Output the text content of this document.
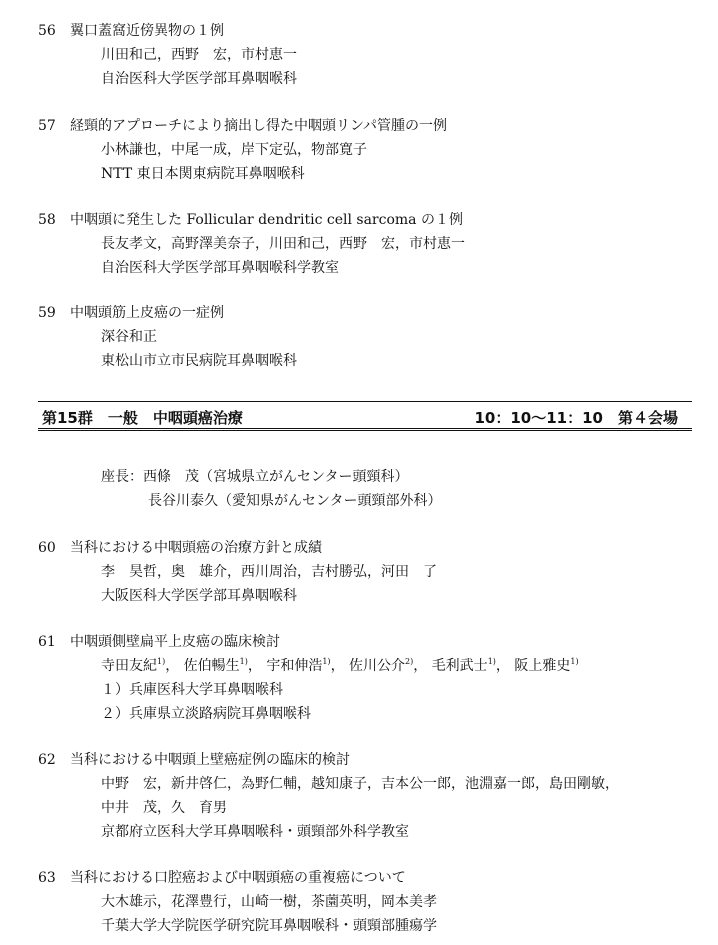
56	翼口蓋窩近傍異物の１例
川田和己，西野　宏，市村恵一
自治医科大学医学部耳鼻咽喉科
57	経頸的アプローチにより摘出し得た中咽頭リンパ管腫の一例
小林謙也，中尾一成，岸下定弘，物部寛子
NTT 東日本関東病院耳鼻咽喉科
58	中咽頭に発生した Follicular dendritic cell sarcoma の１例
長友孝文，高野澤美奈子，川田和己，西野　宏，市村恵一
自治医科大学医学部耳鼻咽喉科学教室
59	中咽頭筋上皮癌の一症例
深谷和正
東松山市立市民病院耳鼻咽喉科
第15群　一般　中咽頭癌治療	10：10～11：10　第４会場
座長：西條　茂（宮城県立がんセンター頭頸科）
長谷川泰久（愛知県がんセンター頭頸部外科）
60	当科における中咽頭癌の治療方針と成績
李　昊哲，奥　雄介，西川周治，吉村勝弘，河田　了
大阪医科大学医学部耳鼻咽喉科
61	中咽頭側壁扁平上皮癌の臨床検討
寺田友紀$^{1)}$， 佐伯暢生$^{1)}$， 宇和伸浩$^{1)}$， 佐川公介$^{2)}$， 毛利武士$^{1)}$， 阪上雅史$^{1)}$
１）兵庫医科大学耳鼻咽喉科
２）兵庫県立淡路病院耳鼻咽喉科
62	当科における中咽頭上壁癌症例の臨床的検討
中野　宏，新井啓仁，為野仁輔，越知康子，吉本公一郎，池淵嘉一郎，島田剛敏，
中井　茂，久　育男
京都府立医科大学耳鼻咽喉科・頭頸部外科学教室
63	当科における口腔癌および中咽頭癌の重複癌について
大木雄示，花澤豊行，山崎一樹，茶薗英明，岡本美孝
千葉大学大学院医学研究院耳鼻咽喉科・頭頸部腫瘍学
